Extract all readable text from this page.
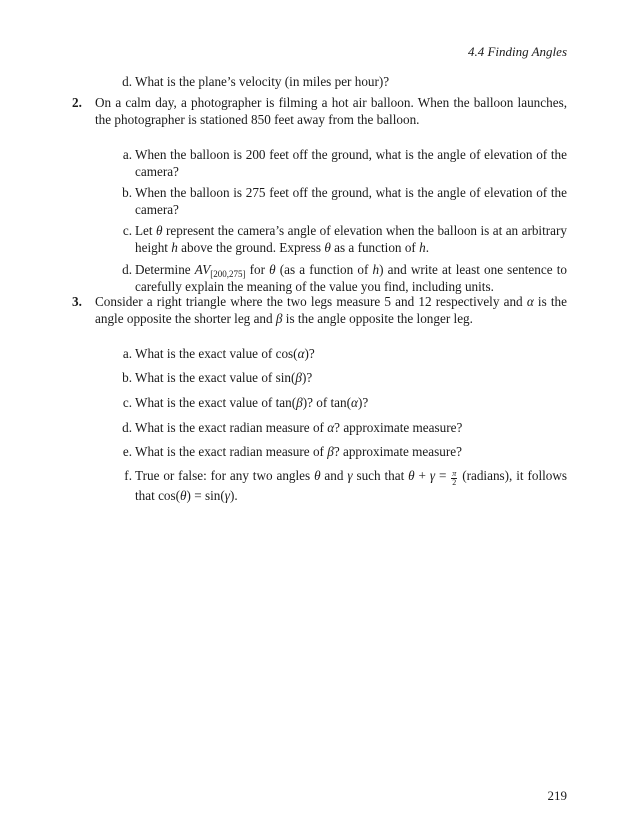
4.4 Finding Angles
d. What is the plane’s velocity (in miles per hour)?
2. On a calm day, a photographer is filming a hot air balloon. When the balloon launches, the photographer is stationed 850 feet away from the balloon.
a. When the balloon is 200 feet off the ground, what is the angle of elevation of the camera?
b. When the balloon is 275 feet off the ground, what is the angle of elevation of the camera?
c. Let θ represent the camera’s angle of elevation when the balloon is at an arbitrary height h above the ground. Express θ as a function of h.
d. Determine $AV_{[200,275]}$ for θ (as a function of h) and write at least one sentence to carefully explain the meaning of the value you find, including units.
3. Consider a right triangle where the two legs measure 5 and 12 respectively and α is the angle opposite the shorter leg and β is the angle opposite the longer leg.
a. What is the exact value of cos(α)?
b. What is the exact value of sin(β)?
c. What is the exact value of tan(β)? of tan(α)?
d. What is the exact radian measure of α? approximate measure?
e. What is the exact radian measure of β? approximate measure?
f. True or false: for any two angles θ and γ such that $\theta + \gamma = \frac{\pi}{2}$ (radians), it follows that cos(θ) = sin(γ).
219
